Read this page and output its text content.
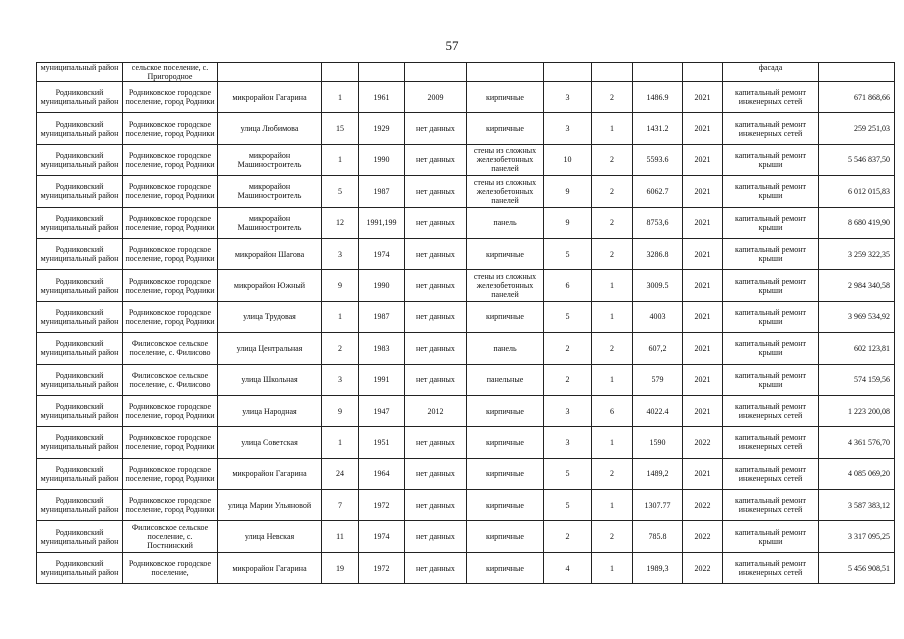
57
муниципальный район	сельское поселение, с. Пригородное										фасада	
Родниковский муниципальный район	Родниковское городское поселение, город Родники	микрорайон Гагарина	1	1961	2009	кирпичные	3	2	1486.9	2021	капитальный ремонт инженерных сетей	671 868,66
Родниковский муниципальный район	Родниковское городское поселение, город Родники	улица Любимова	15	1929	нет данных	кирпичные	3	1	1431.2	2021	капитальный ремонт инженерных сетей	259 251,03
Родниковский муниципальный район	Родниковское городское поселение, город Родники	микрорайон Машиностроитель	1	1990	нет данных	стены из сложных железобетонных панелей	10	2	5593.6	2021	капитальный ремонт крыши	5 546 837,50
Родниковский муниципальный район	Родниковское городское поселение, город Родники	микрорайон Машиностроитель	5	1987	нет данных	стены из сложных железобетонных панелей	9	2	6062.7	2021	капитальный ремонт крыши	6 012 015,83
Родниковский муниципальный район	Родниковское городское поселение, город Родники	микрорайон Машиностроитель	12	1991,199	нет данных	панель	9	2	8753,6	2021	капитальный ремонт крыши	8 680 419,90
Родниковский муниципальный район	Родниковское городское поселение, город Родники	микрорайон Шагова	3	1974	нет данных	кирпичные	5	2	3286.8	2021	капитальный ремонт крыши	3 259 322,35
Родниковский муниципальный район	Родниковское городское поселение, город Родники	микрорайон Южный	9	1990	нет данных	стены из сложных железобетонных панелей	6	1	3009.5	2021	капитальный ремонт крыши	2 984 340,58
Родниковский муниципальный район	Родниковское городское поселение, город Родники	улица Трудовая	1	1987	нет данных	кирпичные	5	1	4003	2021	капитальный ремонт крыши	3 969 534,92
Родниковский муниципальный район	Филисовское сельское поселение, с. Филисово	улица Центральная	2	1983	нет данных	панель	2	2	607,2	2021	капитальный ремонт крыши	602 123,81
Родниковский муниципальный район	Филисовское сельское поселение, с. Филисово	улица Школьная	3	1991	нет данных	панельные	2	1	579	2021	капитальный ремонт крыши	574 159,56
Родниковский муниципальный район	Родниковское городское поселение, город Родники	улица Народная	9	1947	2012	кирпичные	3	6	4022.4	2021	капитальный ремонт инженерных сетей	1 223 200,08
Родниковский муниципальный район	Родниковское городское поселение, город Родники	улица Советская	1	1951	нет данных	кирпичные	3	1	1590	2022	капитальный ремонт инженерных сетей	4 361 576,70
Родниковский муниципальный район	Родниковское городское поселение, город Родники	микрорайон Гагарина	24	1964	нет данных	кирпичные	5	2	1489,2	2021	капитальный ремонт инженерных сетей	4 085 069,20
Родниковский муниципальный район	Родниковское городское поселение, город Родники	улица Марии Ульяновой	7	1972	нет данных	кирпичные	5	1	1307.77	2022	капитальный ремонт инженерных сетей	3 587 383,12
Родниковский муниципальный район	Филисовское сельское поселение, с. Постнинский	улица Невская	11	1974	нет данных	кирпичные	2	2	785.8	2022	капитальный ремонт крыши	3 317 095,25
Родниковский муниципальный район	Родниковское городское поселение,	микрорайон Гагарина	19	1972	нет данных	кирпичные	4	1	1989,3	2022	капитальный ремонт инженерных сетей	5 456 908,51
